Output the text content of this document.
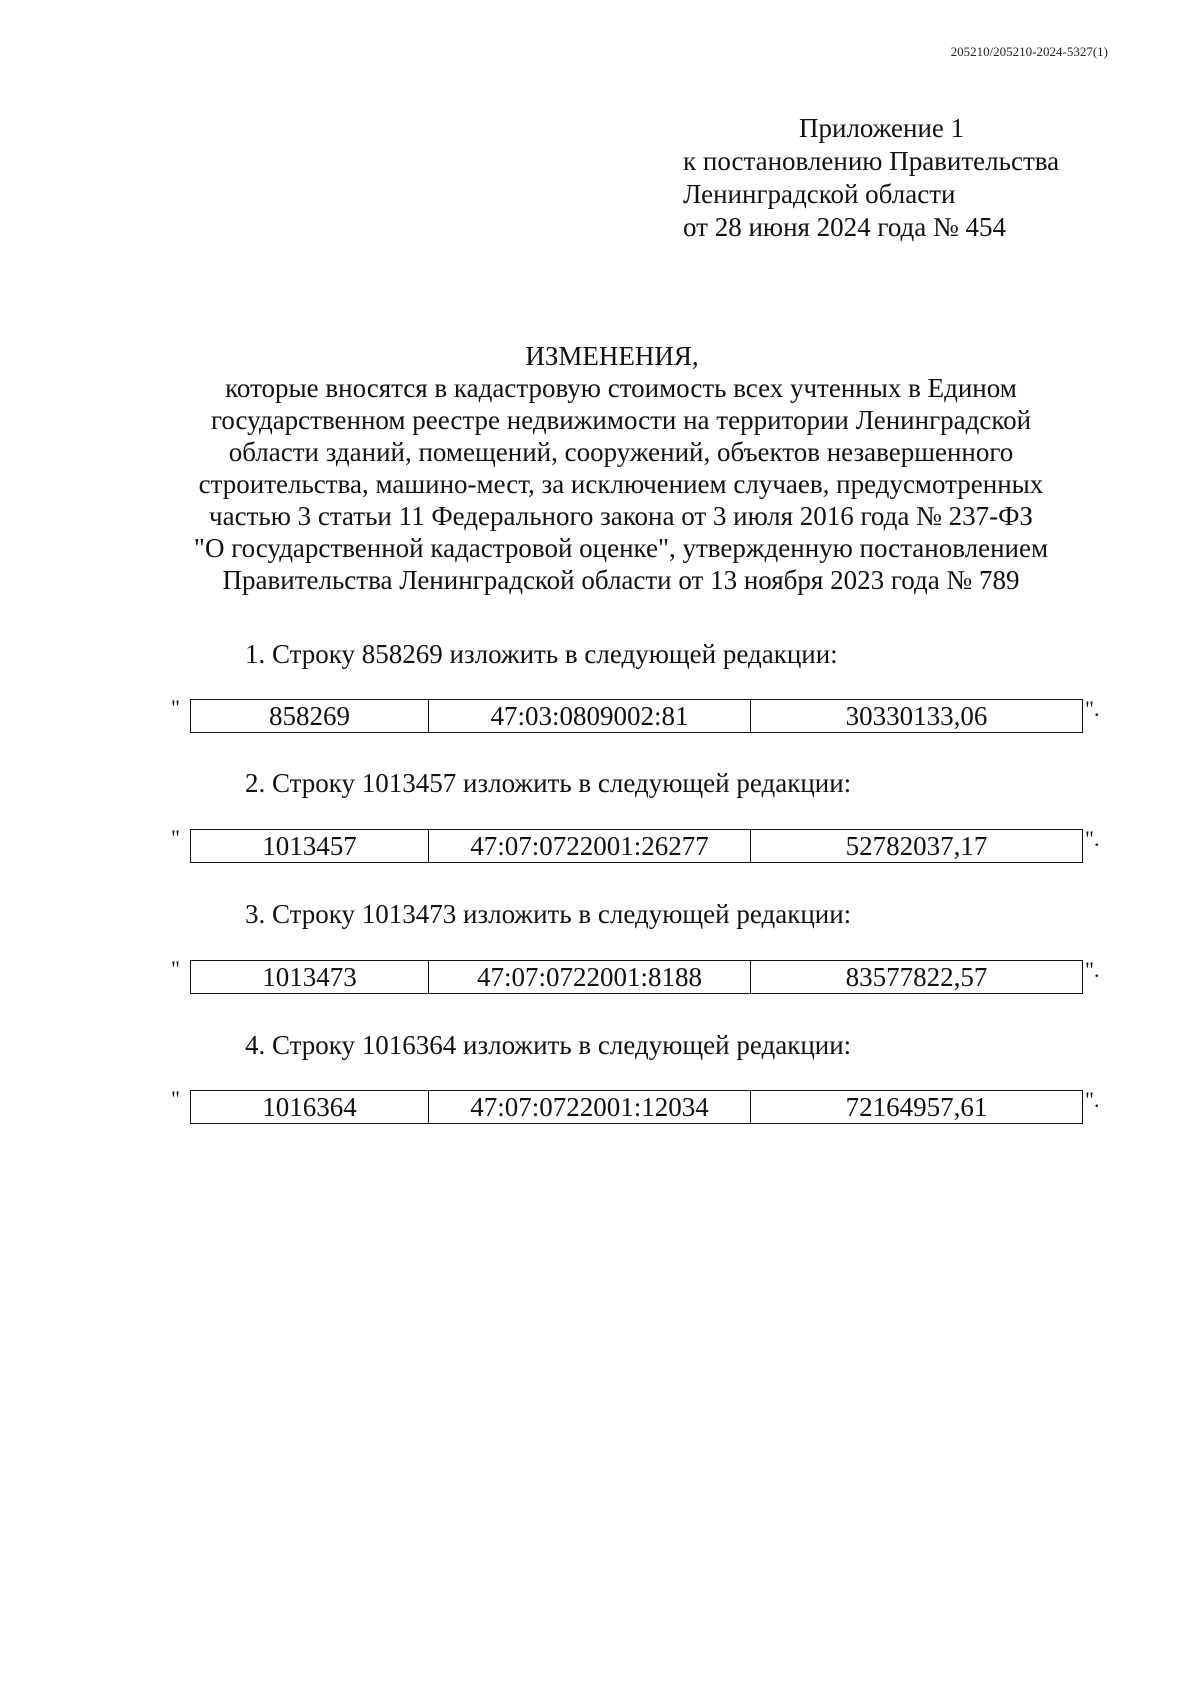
205210/205210-2024-5327(1)
Приложение 1
к постановлению Правительства
Ленинградской области
от 28 июня 2024 года № 454
ИЗМЕНЕНИЯ,
которые вносятся в кадастровую стоимость всех учтенных в Едином
государственном реестре недвижимости на территории Ленинградской
области зданий, помещений, сооружений, объектов незавершенного
строительства, машино-мест, за исключением случаев, предусмотренных
частью 3 статьи 11 Федерального закона от 3 июля 2016 года № 237-ФЗ
"О государственной кадастровой оценке", утвержденную постановлением
Правительства Ленинградской области от 13 ноября 2023 года № 789
1. Строку 858269 изложить в следующей редакции:
"	858269	47:03:0809002:81	30330133,06	".
2. Строку 1013457 изложить в следующей редакции:
"	1013457	47:07:0722001:26277	52782037,17	".
3. Строку 1013473 изложить в следующей редакции:
"	1013473	47:07:0722001:8188	83577822,57	".
4. Строку 1016364 изложить в следующей редакции:
"	1016364	47:07:0722001:12034	72164957,61	".
